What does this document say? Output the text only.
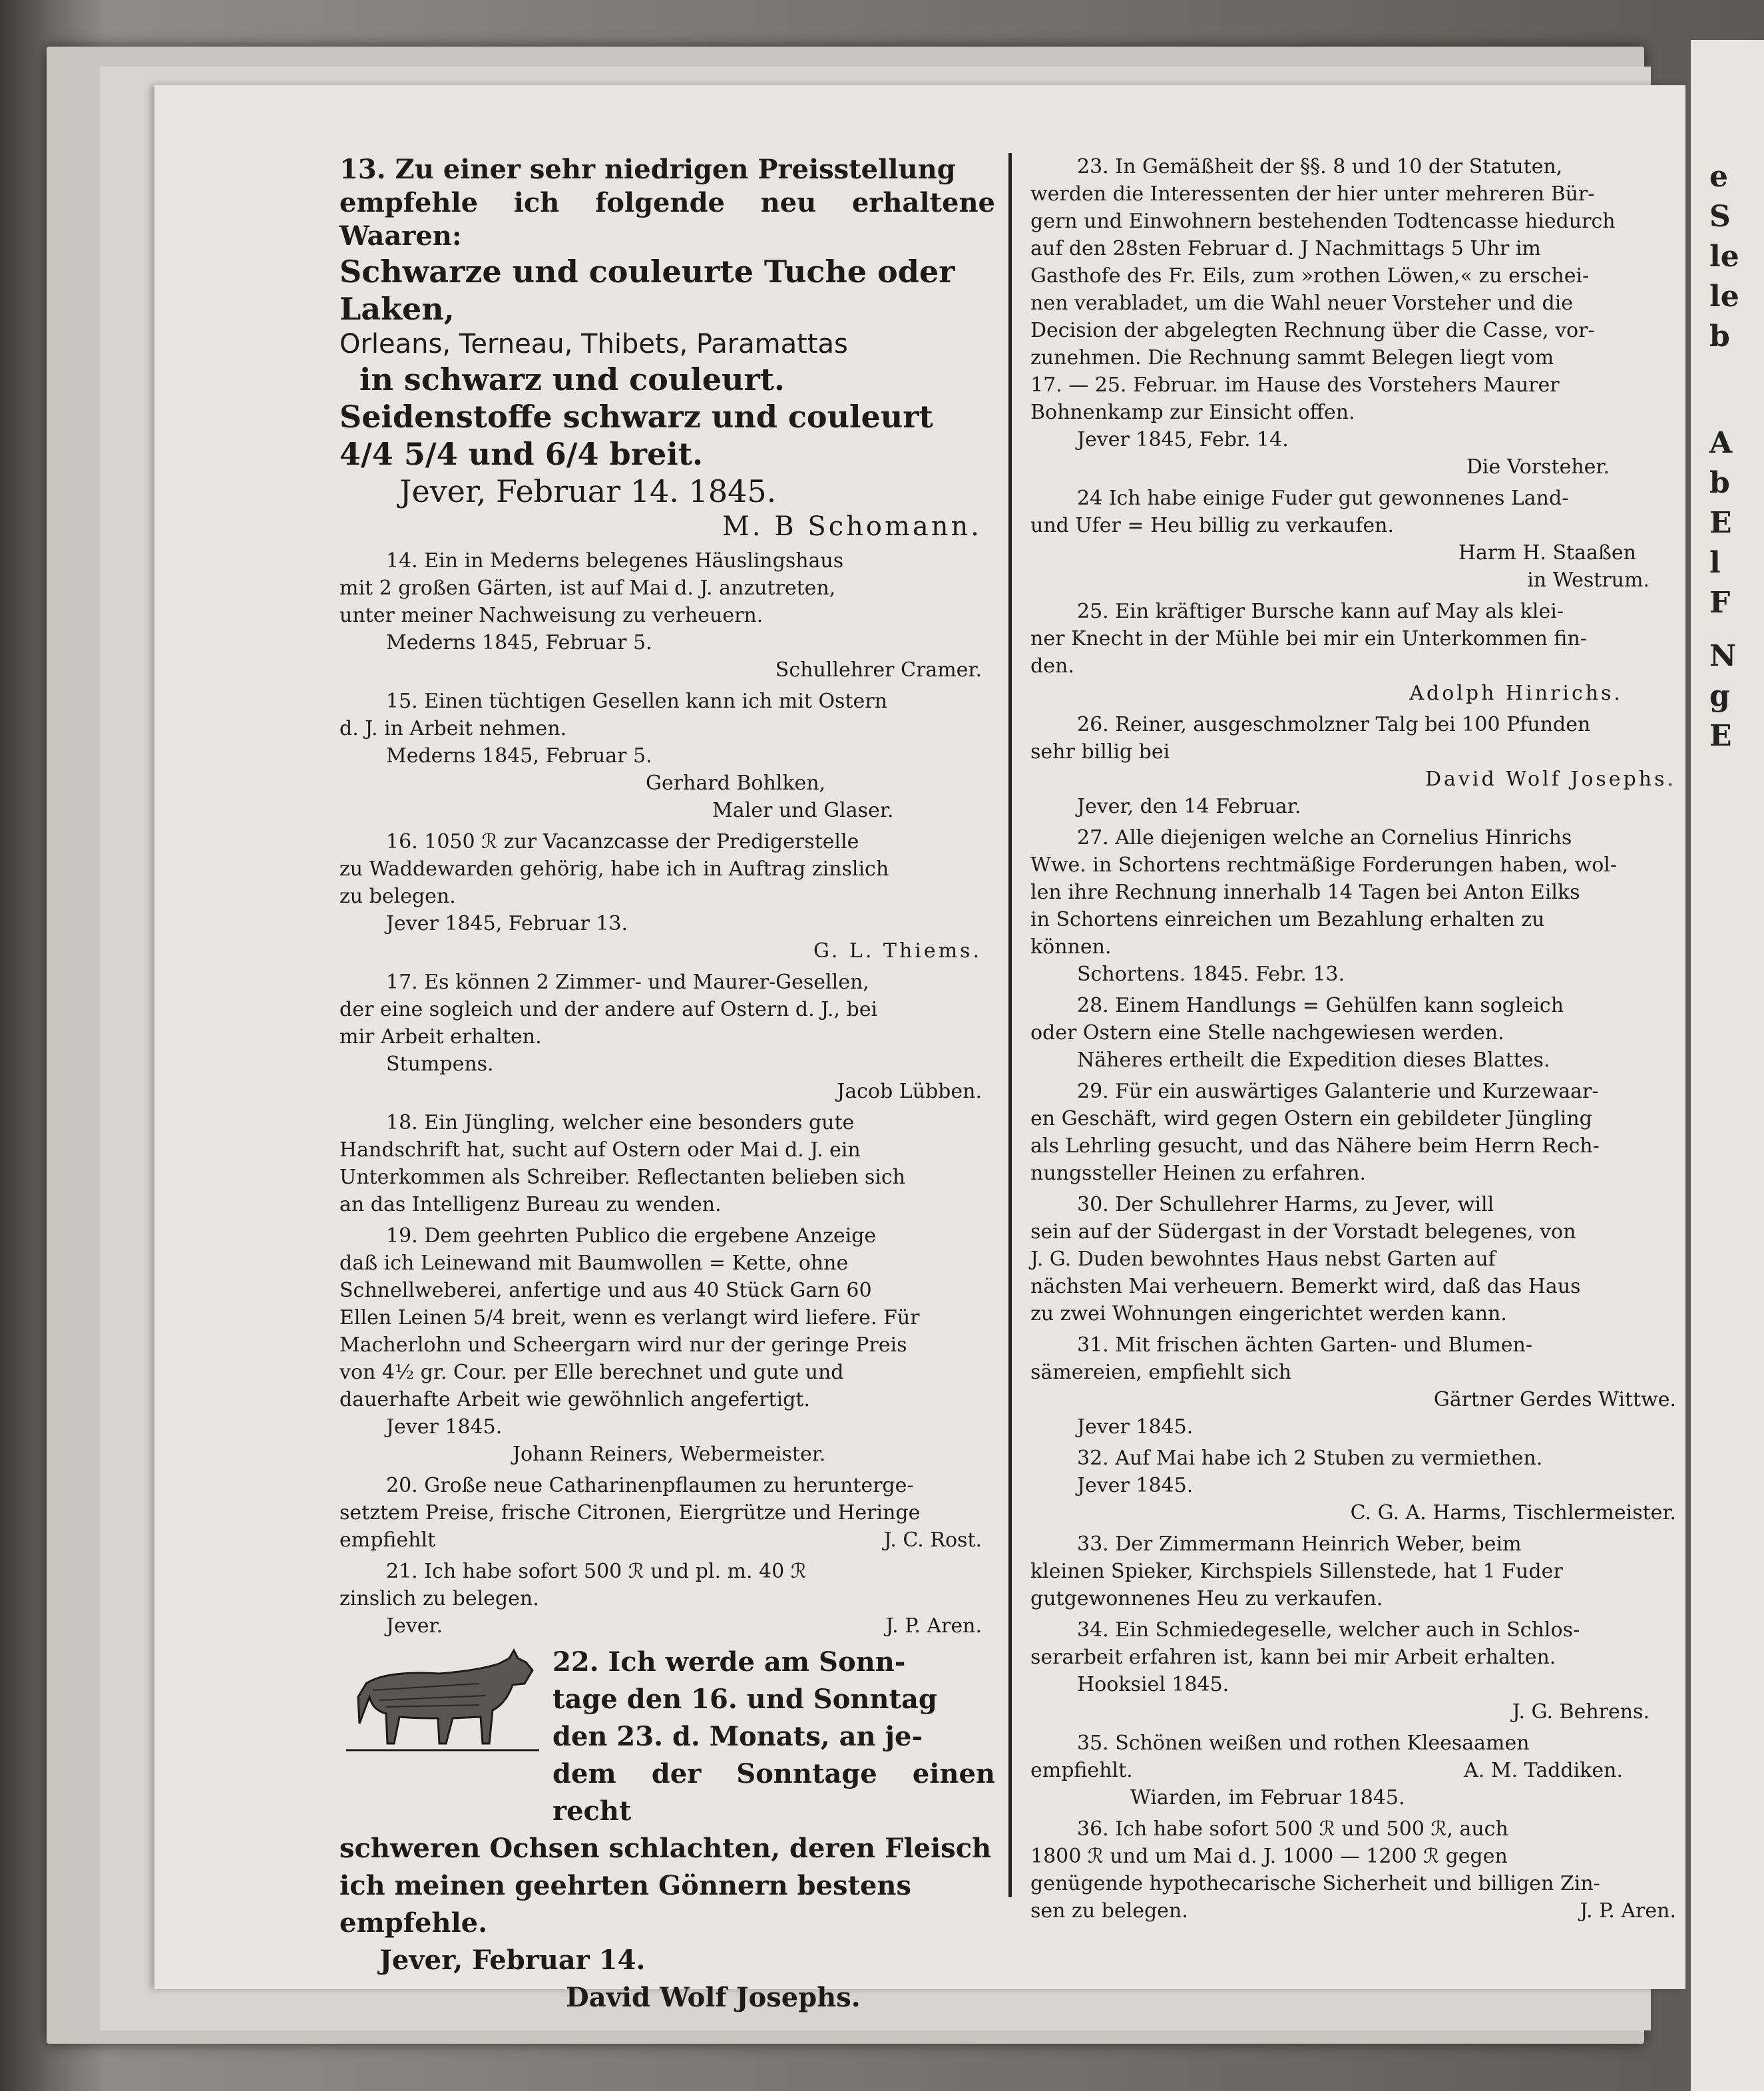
e
S
le
le
b
A
b
E
l
F
N
g
E
13. Zu einer sehr niedrigen Preisstellung
empfehle ich folgende neu erhaltene Waaren:
Schwarze und couleurte Tuche oder
Laken,
Orleans, Terneau, Thibets, Paramattas
in schwarz und couleurt.
Seidenstoffe schwarz und couleurt
4/4 5/4 und 6/4 breit.
Jever, Februar 14. 1845.
M. B Schomann.
14. Ein in Mederns belegenes Häuslingshaus
mit 2 großen Gärten, ist auf Mai d. J. anzutreten,
unter meiner Nachweisung zu verheuern.
Mederns 1845, Februar 5.
Schullehrer Cramer.
15. Einen tüchtigen Gesellen kann ich mit Ostern
d. J. in Arbeit nehmen.
Mederns 1845, Februar 5.
Gerhard Bohlken,
Maler und Glaser.
16. 1050 ℛ zur Vacanzcasse der Predigerstelle
zu Waddewarden gehörig, habe ich in Auftrag zinslich
zu belegen.
Jever 1845, Februar 13.
G. L. Thiems.
17. Es können 2 Zimmer- und Maurer-Gesellen,
der eine sogleich und der andere auf Ostern d. J., bei
mir Arbeit erhalten.
Stumpens.
Jacob Lübben.
18. Ein Jüngling, welcher eine besonders gute
Handschrift hat, sucht auf Ostern oder Mai d. J. ein
Unterkommen als Schreiber. Reflectanten belieben sich
an das Intelligenz Bureau zu wenden.
19. Dem geehrten Publico die ergebene Anzeige
daß ich Leinewand mit Baumwollen = Kette, ohne
Schnellweberei, anfertige und aus 40 Stück Garn 60
Ellen Leinen 5/4 breit, wenn es verlangt wird liefere. Für
Macherlohn und Scheergarn wird nur der geringe Preis
von 4½ gr. Cour. per Elle berechnet und gute und
dauerhafte Arbeit wie gewöhnlich angefertigt.
Jever 1845.
Johann Reiners, Webermeister.
20. Große neue Catharinenpflaumen zu herunterge-
setztem Preise, frische Citronen, Eiergrütze und Heringe
empfiehlt	J. C. Rost.
21. Ich habe sofort 500 ℛ und pl. m. 40 ℛ
zinslich zu belegen.
J. P. Aren.
Jever.
22. Ich werde am Sonn-
tage den 16. und Sonntag
den 23. d. Monats, an je-
dem der Sonntage einen recht
schweren Ochsen schlachten, deren Fleisch
ich meinen geehrten Gönnern bestens
empfehle.
Jever, Februar 14.
David Wolf Josephs.
23. In Gemäßheit der §§. 8 und 10 der Statuten,
werden die Interessenten der hier unter mehreren Bür-
gern und Einwohnern bestehenden Todtencasse hiedurch
auf den 28sten Februar d. J Nachmittags 5 Uhr im
Gasthofe des Fr. Eils, zum »rothen Löwen,« zu erschei-
nen verabladet, um die Wahl neuer Vorsteher und die
Decision der abgelegten Rechnung über die Casse, vor-
zunehmen. Die Rechnung sammt Belegen liegt vom
17. — 25. Februar. im Hause des Vorstehers Maurer
Bohnenkamp zur Einsicht offen.
Jever 1845, Febr. 14.
Die Vorsteher.
24 Ich habe einige Fuder gut gewonnenes Land-
und Ufer = Heu billig zu verkaufen.
Harm H. Staaßen
in Westrum.
25. Ein kräftiger Bursche kann auf May als klei-
ner Knecht in der Mühle bei mir ein Unterkommen fin-
den.
Adolph Hinrichs.
26. Reiner, ausgeschmolzner Talg bei 100 Pfunden
sehr billig bei
David Wolf Josephs.
Jever, den 14 Februar.
27. Alle diejenigen welche an Cornelius Hinrichs
Wwe. in Schortens rechtmäßige Forderungen haben, wol-
len ihre Rechnung innerhalb 14 Tagen bei Anton Eilks
in Schortens einreichen um Bezahlung erhalten zu
können.
Schortens. 1845. Febr. 13.
28. Einem Handlungs = Gehülfen kann sogleich
oder Ostern eine Stelle nachgewiesen werden.
Näheres ertheilt die Expedition dieses Blattes.
29. Für ein auswärtiges Galanterie und Kurzewaar-
en Geschäft, wird gegen Ostern ein gebildeter Jüngling
als Lehrling gesucht, und das Nähere beim Herrn Rech-
nungssteller Heinen zu erfahren.
30. Der Schullehrer Harms, zu Jever, will
sein auf der Südergast in der Vorstadt belegenes, von
J. G. Duden bewohntes Haus nebst Garten auf
nächsten Mai verheuern. Bemerkt wird, daß das Haus
zu zwei Wohnungen eingerichtet werden kann.
31. Mit frischen ächten Garten- und Blumen-
sämereien, empfiehlt sich
Gärtner Gerdes Wittwe.
Jever 1845.
32. Auf Mai habe ich 2 Stuben zu vermiethen.
Jever 1845.
C. G. A. Harms, Tischlermeister.
33. Der Zimmermann Heinrich Weber, beim
kleinen Spieker, Kirchspiels Sillenstede, hat 1 Fuder
gutgewonnenes Heu zu verkaufen.
34. Ein Schmiedegeselle, welcher auch in Schlos-
serarbeit erfahren ist, kann bei mir Arbeit erhalten.
Hooksiel 1845.
J. G. Behrens.
35. Schönen weißen und rothen Kleesaamen
empfiehlt.	A. M. Taddiken.
Wiarden, im Februar 1845.
36. Ich habe sofort 500 ℛ und 500 ℛ, auch
1800 ℛ und um Mai d. J. 1000 — 1200 ℛ gegen
genügende hypothecarische Sicherheit und billigen Zin-
sen zu belegen.	J. P. Aren.
